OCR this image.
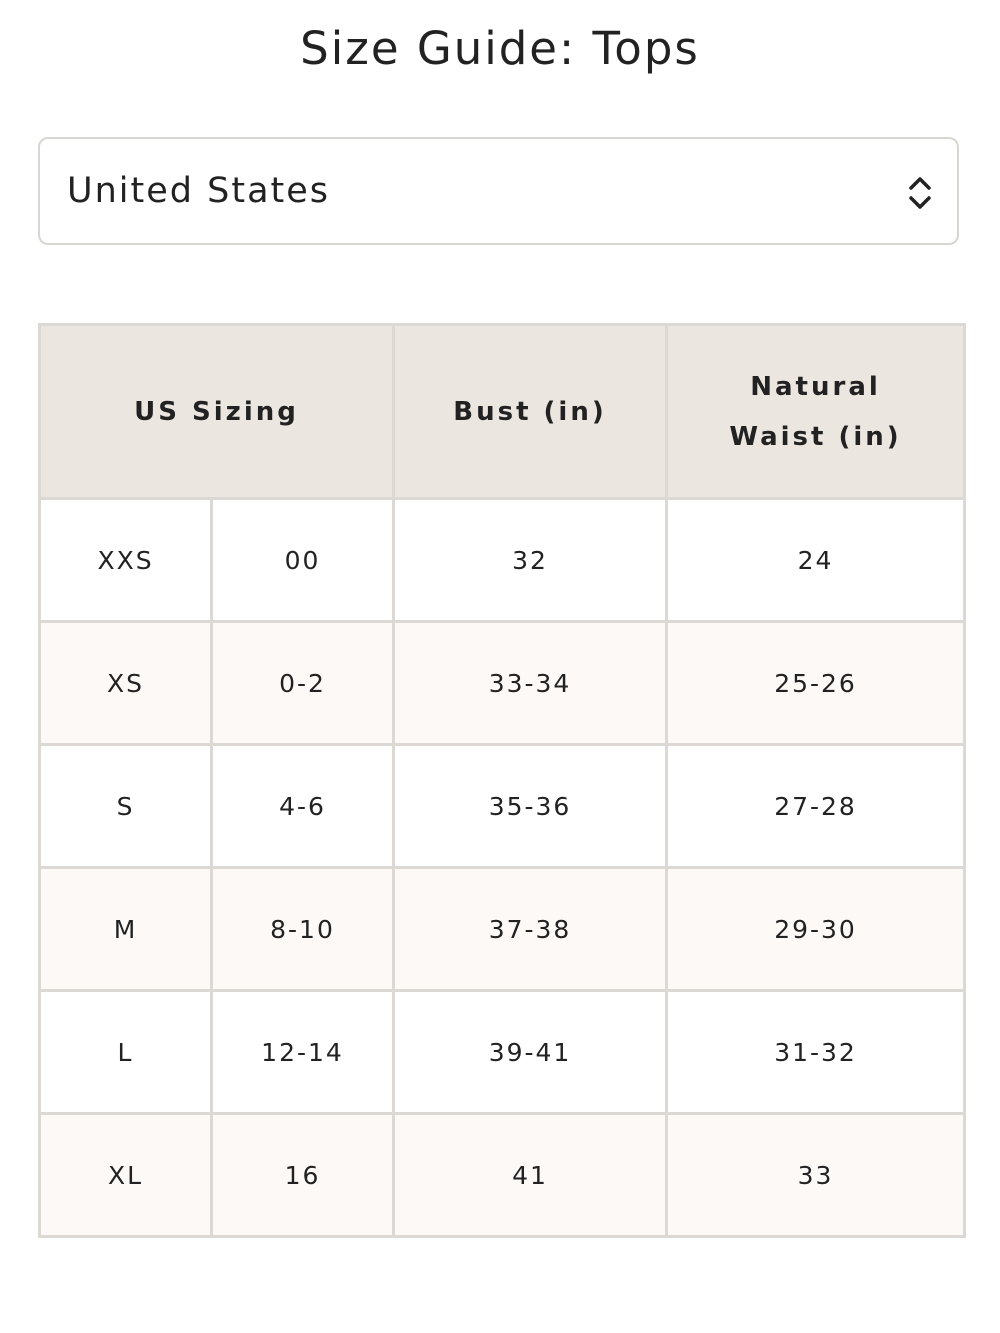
Size Guide: Tops
United States
US Sizing		Bust (in)	Natural
Waist (in)

XXS	00	32	24
XS	0-2	33-34	25-26
S	4-6	35-36	27-28
M	8-10	37-38	29-30
L	12-14	39-41	31-32
XL	16	41	33
